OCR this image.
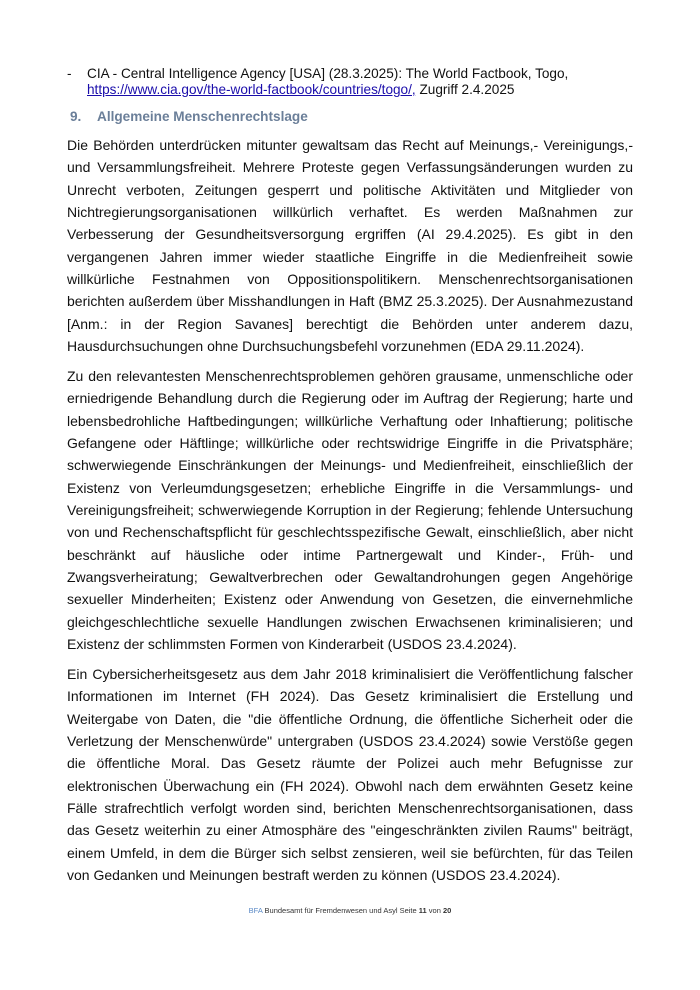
- CIA - Central Intelligence Agency [USA] (28.3.2025): The World Factbook, Togo,
https://www.cia.gov/the-world-factbook/countries/togo/, Zugriff 2.4.2025
9. Allgemeine Menschenrechtslage

Die Behörden unterdrücken mitunter gewaltsam das Recht auf Meinungs,- Vereinigungs,- und Versammlungsfreiheit. Mehrere Proteste gegen Verfassungsänderungen wurden zu Unrecht verboten, Zeitungen gesperrt und politische Aktivitäten und Mitglieder von Nichtregierungsorganisationen willkürlich verhaftet. Es werden Maßnahmen zur Verbesserung der Gesundheitsversorgung ergriffen (AI 29.4.2025). Es gibt in den vergangenen Jahren immer wieder staatliche Eingriffe in die Medienfreiheit sowie willkürliche Festnahmen von Oppositionspolitikern. Menschenrechtsorganisationen berichten außerdem über Misshandlungen in Haft (BMZ 25.3.2025). Der Ausnahmezustand [Anm.: in der Region Savanes] berechtigt die Behörden unter anderem dazu, Hausdurchsuchungen ohne Durchsuchungsbefehl vorzunehmen (EDA 29.11.2024).

Zu den relevantesten Menschenrechtsproblemen gehören grausame, unmenschliche oder erniedrigende Behandlung durch die Regierung oder im Auftrag der Regierung; harte und lebensbedrohliche Haftbedingungen; willkürliche Verhaftung oder Inhaftierung; politische Gefangene oder Häftlinge; willkürliche oder rechtswidrige Eingriffe in die Privatsphäre; schwerwiegende Einschränkungen der Meinungs- und Medienfreiheit, einschließlich der Existenz von Verleumdungsgesetzen; erhebliche Eingriffe in die Versammlungs- und Vereinigungsfreiheit; schwerwiegende Korruption in der Regierung; fehlende Untersuchung von und Rechenschaftspflicht für geschlechtsspezifische Gewalt, einschließlich, aber nicht beschränkt auf häusliche oder intime Partnergewalt und Kinder-, Früh- und Zwangsverheiratung; Gewaltverbrechen oder Gewaltandrohungen gegen Angehörige sexueller Minderheiten; Existenz oder Anwendung von Gesetzen, die einvernehmliche gleichgeschlechtliche sexuelle Handlungen zwischen Erwachsenen kriminalisieren; und Existenz der schlimmsten Formen von Kinderarbeit (USDOS 23.4.2024).

Ein Cybersicherheitsgesetz aus dem Jahr 2018 kriminalisiert die Veröffentlichung falscher Informationen im Internet (FH 2024). Das Gesetz kriminalisiert die Erstellung und Weitergabe von Daten, die "die öffentliche Ordnung, die öffentliche Sicherheit oder die Verletzung der Menschenwürde" untergraben (USDOS 23.4.2024) sowie Verstöße gegen die öffentliche Moral. Das Gesetz räumte der Polizei auch mehr Befugnisse zur elektronischen Überwachung ein (FH 2024). Obwohl nach dem erwähnten Gesetz keine Fälle strafrechtlich verfolgt worden sind, berichten Menschenrechtsorganisationen, dass das Gesetz weiterhin zu einer Atmosphäre des "eingeschränkten zivilen Raums" beiträgt, einem Umfeld, in dem die Bürger sich selbst zensieren, weil sie befürchten, für das Teilen von Gedanken und Meinungen bestraft werden zu können (USDOS 23.4.2024).

BFA Bundesamt für Fremdenwesen und Asyl Seite 11 von 20
